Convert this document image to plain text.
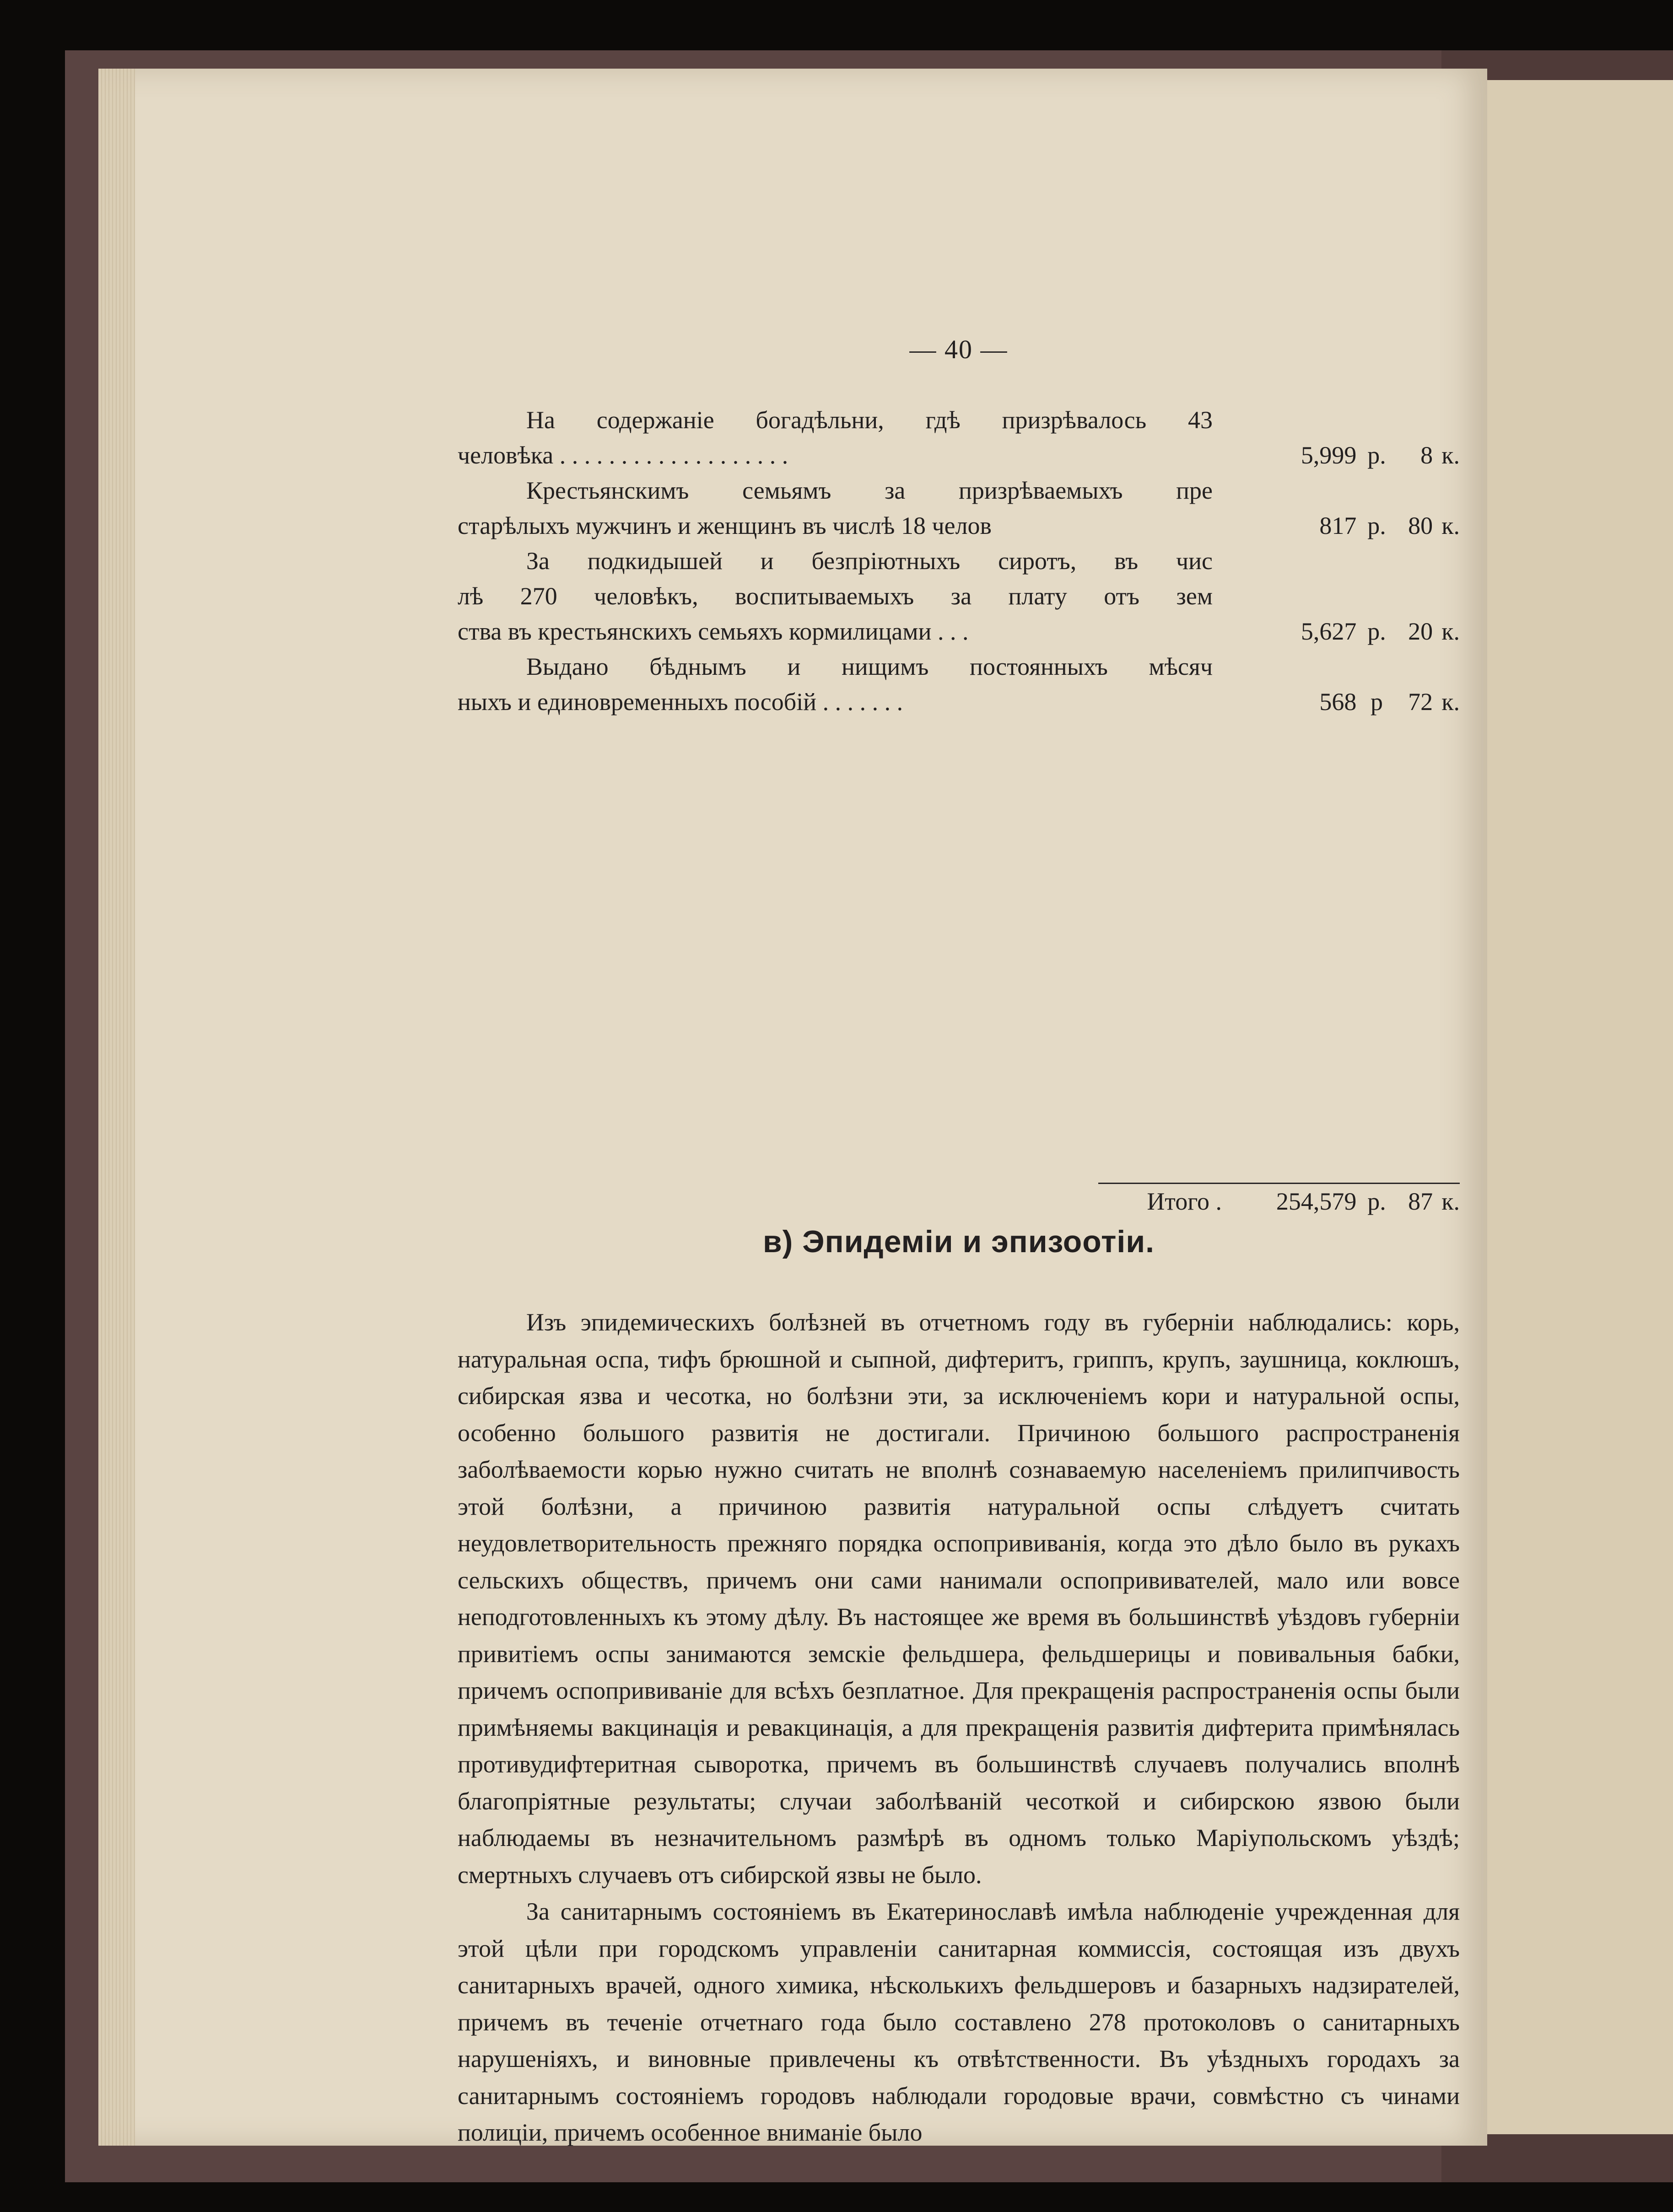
— 40 —
На содержаніе богадѣльни, гдѣ призрѣвалось 43
человѣка . . . . . . . . . . . . . . . . . . .	5,999 р.	8 к.
Крестьянскимъ семьямъ за призрѣваемыхъ пре
старѣлыхъ мужчинъ и женщинъ въ числѣ 18 челов	817 р. 80 к.
За подкидышей и безпріютныхъ сиротъ, въ чис
лѣ 270 человѣкъ, воспитываемыхъ за плату отъ зем
ства въ крестьянскихъ семьяхъ кормилицами . . .	5,627 р. 20 к.
Выдано бѣднымъ и нищимъ постоянныхъ мѣсяч
ныхъ и единовременныхъ пособій . . . . . . .	568 р	72 к.
Итого .	254,579 р. 87 к.
в) Эпидеміи и эпизоотіи.

Изъ эпидемическихъ болѣзней въ отчетномъ году въ губерніи наблюдались: корь, натуральная оспа, тифъ брюшной и сыпной, дифтеритъ, гриппъ, крупъ, заушница, коклюшъ, сибирская язва и чесотка, но болѣзни эти, за исключеніемъ кори и натуральной оспы, особенно большого развитія не достигали. Причиною большого распространенія заболѣваемости корью нужно считать не вполнѣ сознаваемую населеніемъ прилипчивость этой болѣзни, а причиною развитія натуральной оспы слѣдуетъ считать неудовлетворительность прежняго порядка оспопрививанія, когда это дѣло было въ рукахъ сельскихъ обществъ, причемъ они сами нанимали оспопрививателей, мало или вовсе неподготовленныхъ къ этому дѣлу. Въ настоящее же время въ большинствѣ уѣздовъ губерніи привитіемъ оспы занимаются земскіе фельдшера, фельдшерицы и повивальныя бабки, причемъ оспопрививаніе для всѣхъ безплатное. Для прекращенія распространенія оспы были примѣняемы вакцинація и ревакцинація, а для прекращенія развитія дифтерита примѣнялась противудифтеритная сыворотка, причемъ въ большинствѣ случаевъ получались вполнѣ благопріятные результаты; случаи заболѣваній чесоткой и сибирскою язвою были наблюдаемы въ незначительномъ размѣрѣ въ одномъ только Маріупольскомъ уѣздѣ; смертныхъ случаевъ отъ сибирской язвы не было.

За санитарнымъ состояніемъ въ Екатеринославѣ имѣла наблюденіе учрежденная для этой цѣли при городскомъ управленіи санитарная коммиссія, состоящая изъ двухъ санитарныхъ врачей, одного химика, нѣсколькихъ фельдшеровъ и базарныхъ надзирателей, причемъ въ теченіе отчетнаго года было составлено 278 протоколовъ о санитарныхъ нарушеніяхъ, и виновные привлечены къ отвѣтственности. Въ уѣздныхъ городахъ за санитарнымъ состояніемъ городовъ наблюдали городовые врачи, совмѣстно съ чинами полиціи, причемъ особенное вниманіе было
